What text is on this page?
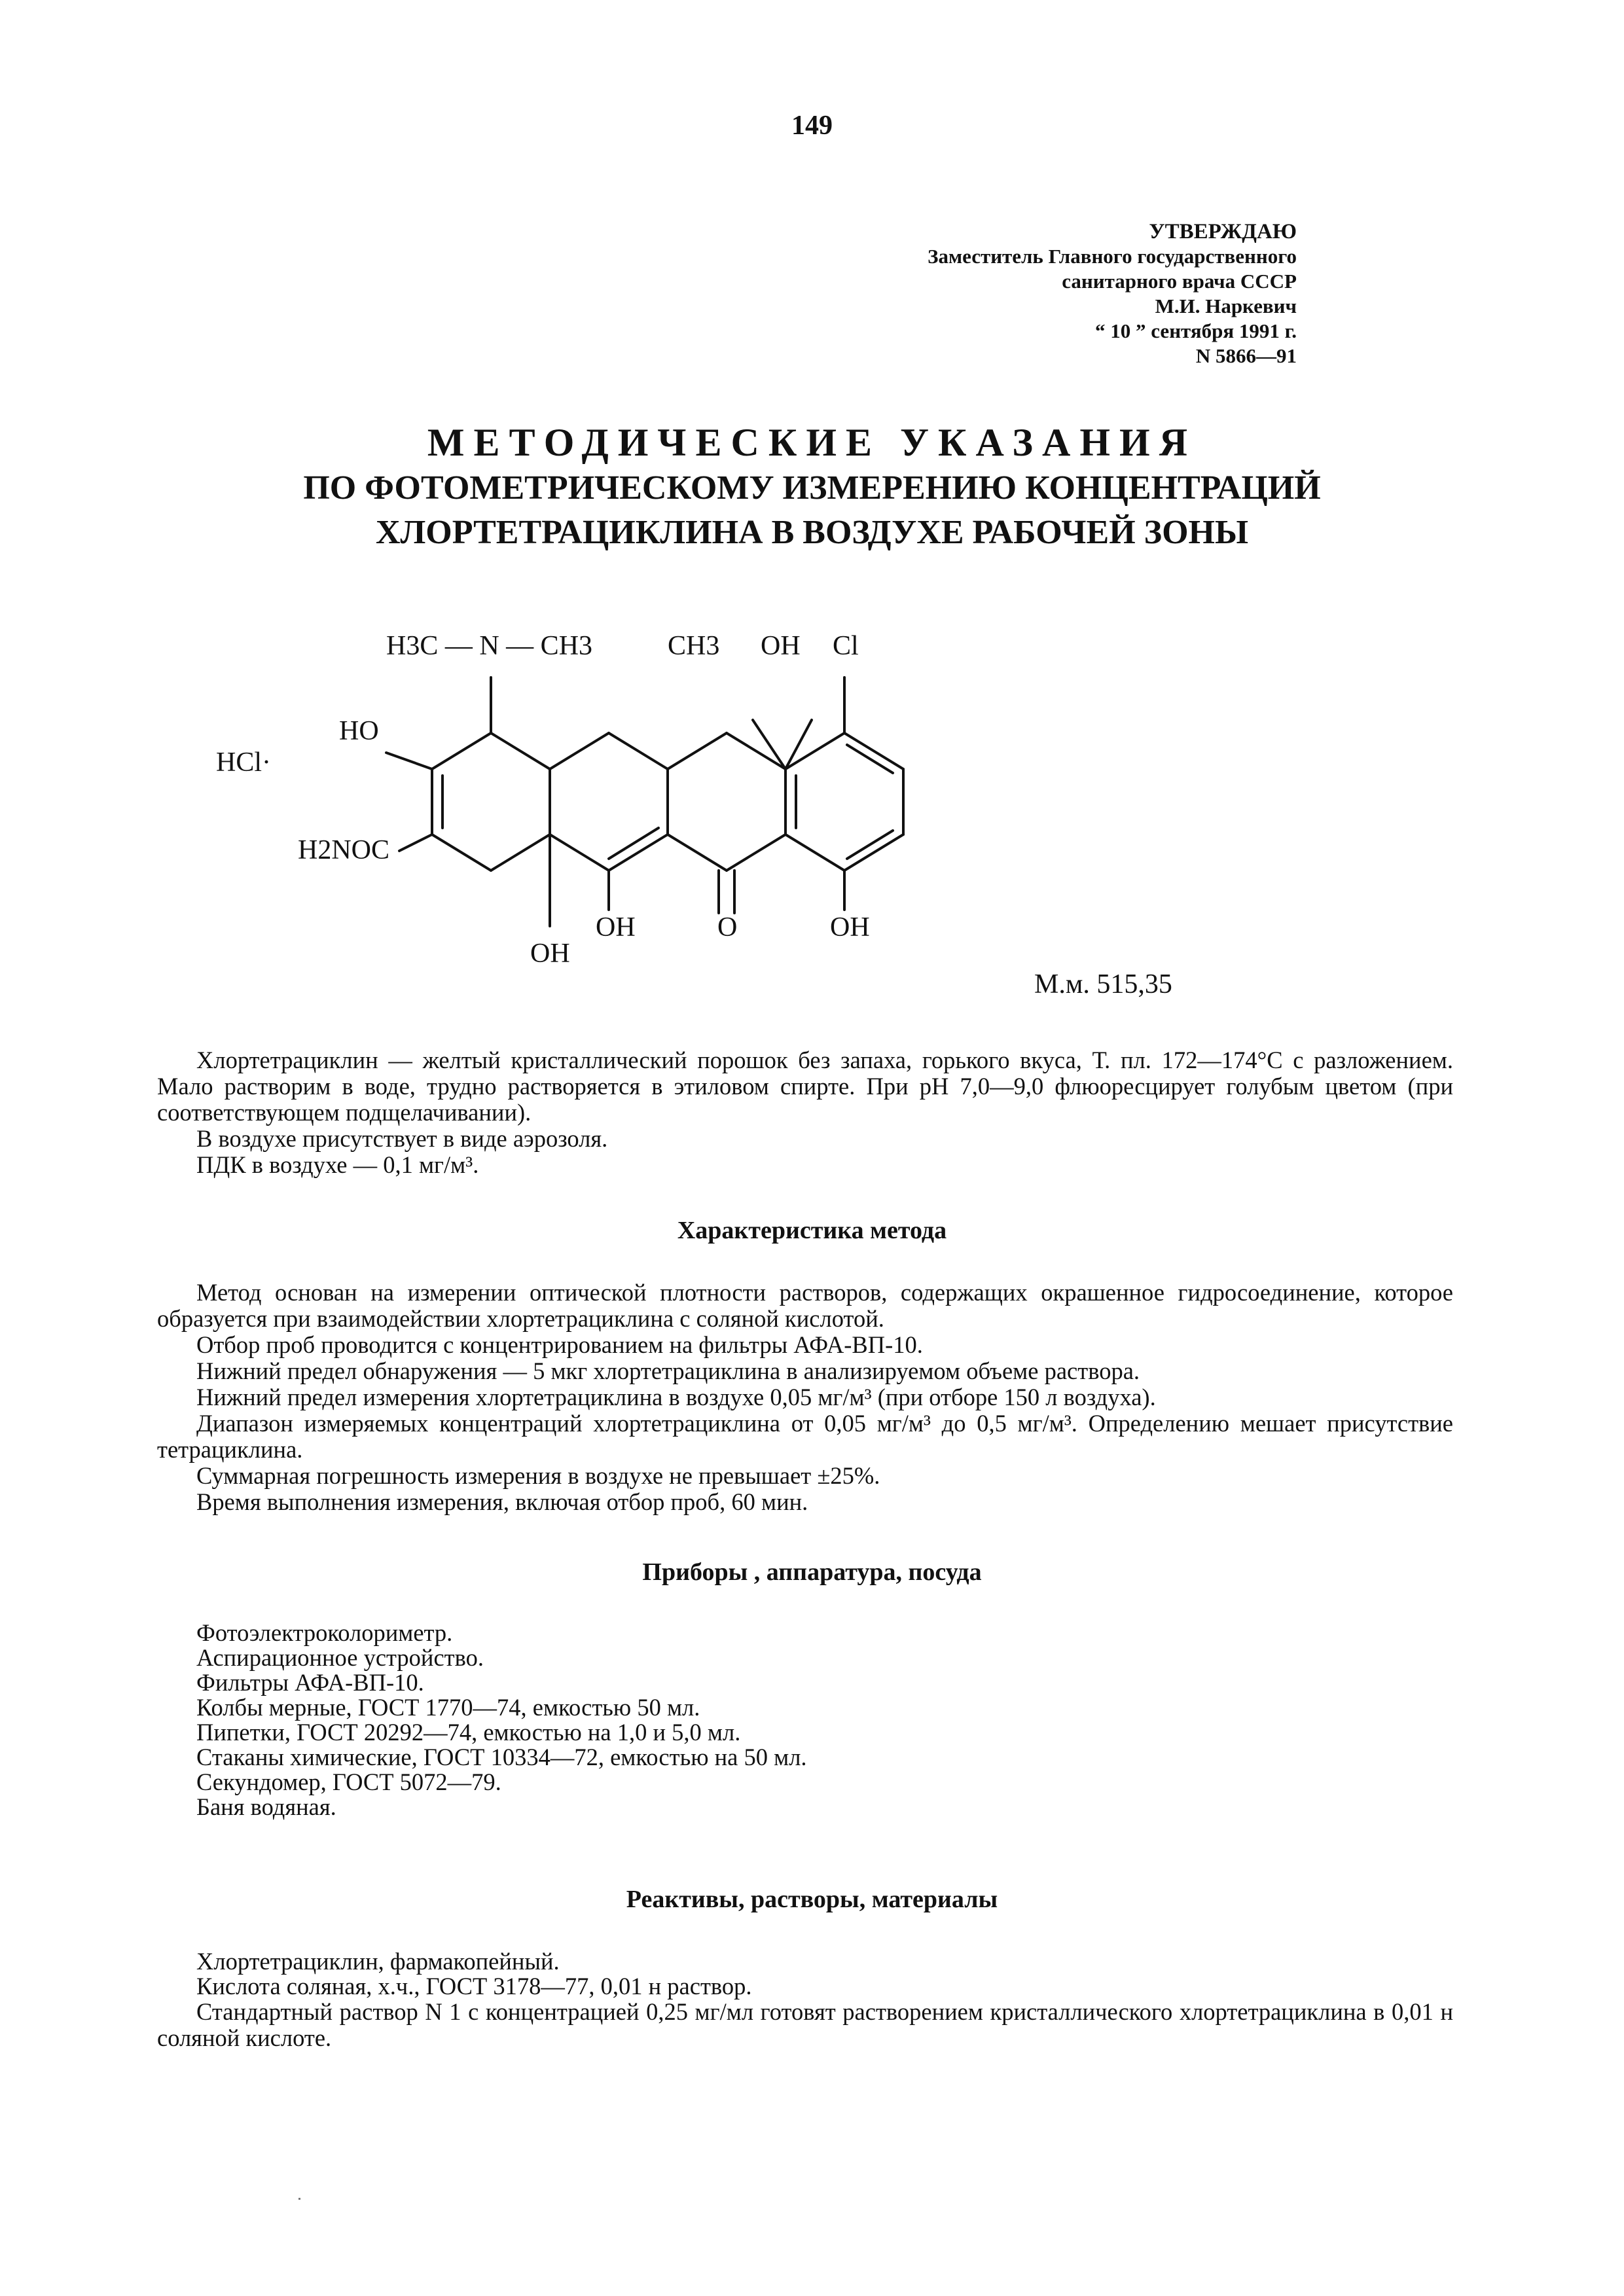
149
УТВЕРЖДАЮ
Заместитель Главного государственного
санитарного врача СССР
М.И. Наркевич
“ 10 ” сентября 1991 г.
N 5866—91
МЕТОДИЧЕСКИЕ УКАЗАНИЯ
ПО ФОТОМЕТРИЧЕСКОМУ ИЗМЕРЕНИЮ КОНЦЕНТРАЦИЙ
ХЛОРТЕТРАЦИКЛИНА В ВОЗДУХЕ РАБОЧЕЙ ЗОНЫ
H3C — N — CH3	CH3 OH Cl
HO
HCl·
H2NOC
OH
OH
O	OH
М.м. 515,35

Хлортетрациклин — желтый кристаллический порошок без запаха, горького вкуса, Т. пл. 172—174°С с разложением. Мало растворим в воде, трудно растворяется в этиловом спирте. При pH 7,0—9,0 флюоресцирует голубым цветом (при соответствующем подщелачивании).

В воздухе присутствует в виде аэрозоля.

ПДК в воздухе — 0,1 мг/м³.

Характеристика метода

Метод основан на измерении оптической плотности растворов, содержащих окрашенное гидросоединение, которое образуется при взаимодействии хлортетрациклина с соляной кислотой.

Отбор проб проводится с концентрированием на фильтры АФА-ВП-10.

Нижний предел обнаружения — 5 мкг хлортетрациклина в анализируемом объеме раствора.

Нижний предел измерения хлортетрациклина в воздухе 0,05 мг/м³ (при отборе 150 л воздуха).

Диапазон измеряемых концентраций хлортетрациклина от 0,05 мг/м³ до 0,5 мг/м³. Определению мешает присутствие тетрациклина.

Суммарная погрешность измерения в воздухе не превышает ±25%.

Время выполнения измерения, включая отбор проб, 60 мин.

Приборы , аппаратура, посуда
Фотоэлектроколориметр.
Аспирационное устройство.
Фильтры АФА-ВП-10.
Колбы мерные, ГОСТ 1770—74, емкостью 50 мл.
Пипетки, ГОСТ 20292—74, емкостью на 1,0 и 5,0 мл.
Стаканы химические, ГОСТ 10334—72, емкостью на 50 мл.
Секундомер, ГОСТ 5072—79.
Баня водяная.
Реактивы, растворы, материалы
Хлортетрациклин, фармакопейный.
Кислота соляная, х.ч., ГОСТ 3178—77, 0,01 н раствор.

Стандартный раствор N 1 с концентрацией 0,25 мг/мл готовят растворением кристаллического хлортетрациклина в 0,01 н соляной кислоте.
